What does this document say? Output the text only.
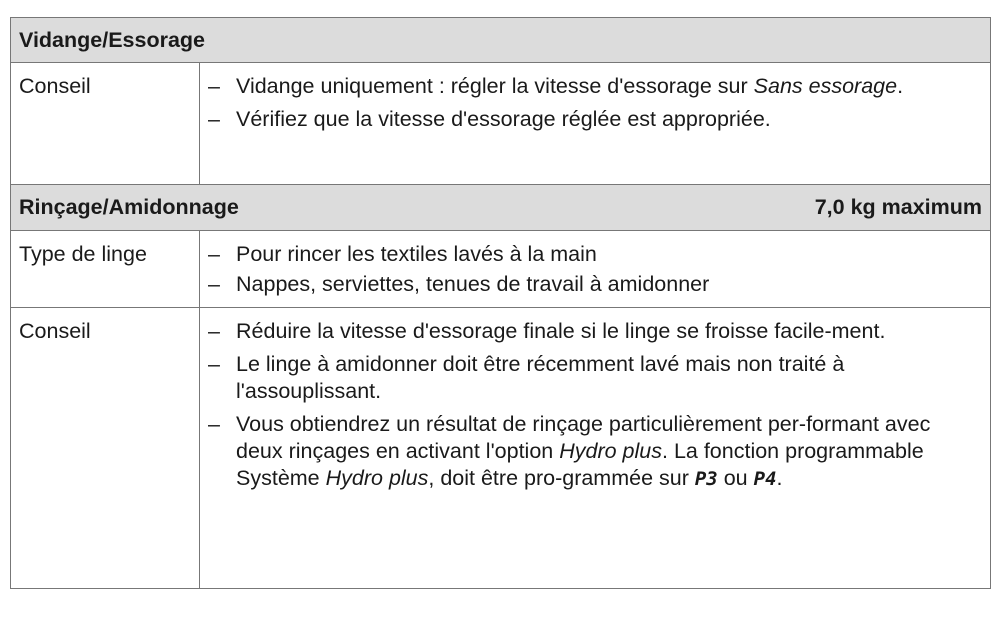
Vidange/Essorage
Conseil	– Vidange uniquement : régler la vitesse d'essorage sur Sans essorage.
– Vérifiez que la vitesse d'essorage réglée est appropriée.
Rinçage/Amidonnage	7,0 kg maximum
Type de linge	– Pour rincer les textiles lavés à la main
– Nappes, serviettes, tenues de travail à amidonner
Conseil	– Réduire la vitesse d'essorage finale si le linge se froisse facile-ment.
– Le linge à amidonner doit être récemment lavé mais non traité à l'assouplissant.
– Vous obtiendrez un résultat de rinçage particulièrement per-formant avec deux rinçages en activant l'option Hydro plus. La fonction programmable Système Hydro plus, doit être pro-grammée sur P3 ou P4.
